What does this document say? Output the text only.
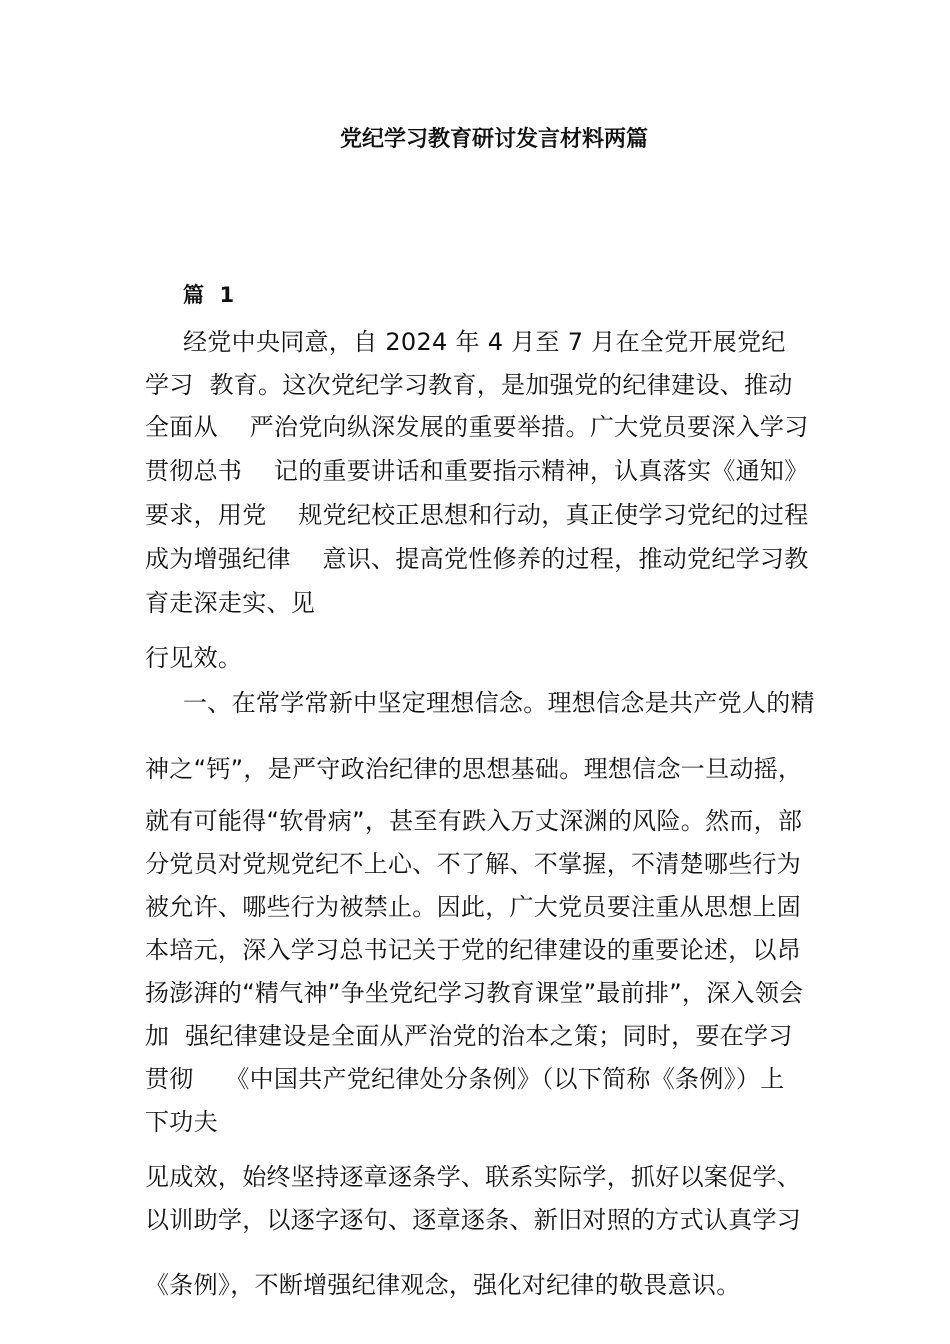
党纪学习教育研讨发言材料两篇
篇  1
经党中央同意，自 2024 年 4 月至 7 月在全党开展党纪
学习  教育。这次党纪学习教育，是加强党的纪律建设、推动
全面从    严治党向纵深发展的重要举措。广大党员要深入学习
贯彻总书    记的重要讲话和重要指示精神，认真落实《通知》
要求，用党    规党纪校正思想和行动，真正使学习党纪的过程
成为增强纪律    意识、提高党性修养的过程，推动党纪学习教
育走深走实、见
行见效。
一、在常学常新中坚定理想信念。理想信念是共产党人的精
神之“钙”，是严守政治纪律的思想基础。理想信念一旦动摇，
就有可能得“软骨病”，甚至有跌入万丈深渊的风险。然而，部
分党员对党规党纪不上心、不了解、不掌握，不清楚哪些行为
被允许、哪些行为被禁止。因此，广大党员要注重从思想上固
本培元，深入学习总书记关于党的纪律建设的重要论述，以昂
扬澎湃的“精气神”争坐党纪学习教育课堂”最前排”，深入领会
加  强纪律建设是全面从严治党的治本之策；同时，要在学习
贯彻    《中国共产党纪律处分条例》（以下简称《条例》）上
下功夫
见成效，始终坚持逐章逐条学、联系实际学，抓好以案促学、
以训助学，以逐字逐句、逐章逐条、新旧对照的方式认真学习
《条例》，不断增强纪律观念，强化对纪律的敬畏意识。
